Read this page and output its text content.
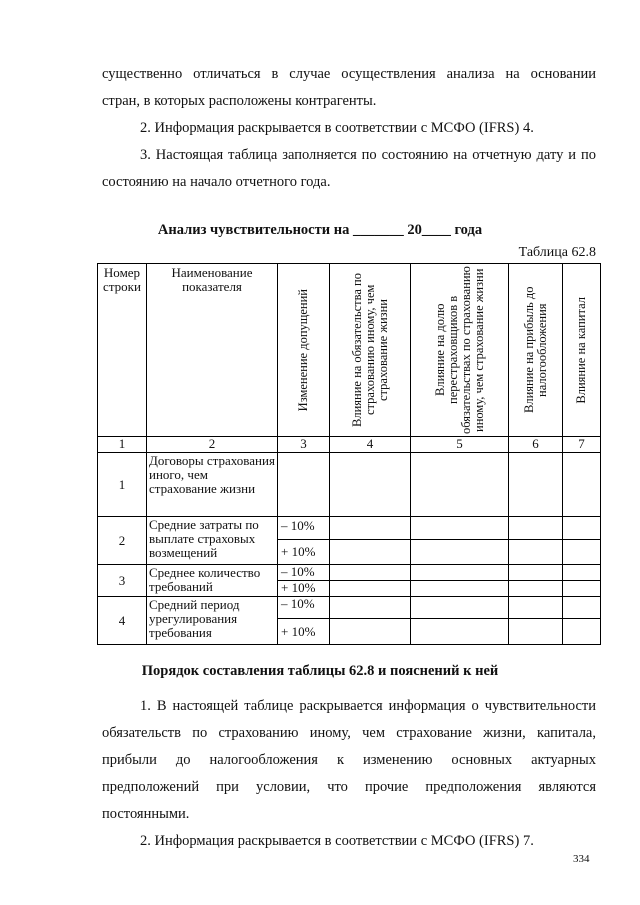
существенно отличаться в случае осуществления анализа на основании

стран, в которых расположены контрагенты.

2. Информация раскрывается в соответствии с МСФО (IFRS) 4.

3. Настоящая таблица заполняется по состоянию на отчетную дату и по

состоянию на начало отчетного года.

Анализ чувствительности на _______ 20____ года
Таблица 62.8
Номер строки	Наименование показателя	Изменение допущений	Влияние на обязательства по страхованию иному, чем страхование жизни	Влияние на долю перестраховщиков в обязательствах по страхованию иному, чем страхование жизни	Влияние на прибыль до налогообложения	Влияние на капитал

1	2	3	4	5	6	7
1	Договоры страхования иного, чем страхование жизни					
2	Средние затраты по выплате страховых возмещений	– 10%				
		+ 10%				
3	Среднее количество требований	– 10%				
		+ 10%				
4	Средний период урегулирования требования	– 10%				
		+ 10%				
Порядок составления таблицы 62.8 и пояснений к ней

1. В настоящей таблице раскрывается информация о чувствительности

обязательств по страхованию иному, чем страхование жизни, капитала,

прибыли до налогообложения к изменению основных актуарных

предположений при условии, что прочие предположения являются

постоянными.

2. Информация раскрывается в соответствии с МСФО (IFRS) 7.

334
